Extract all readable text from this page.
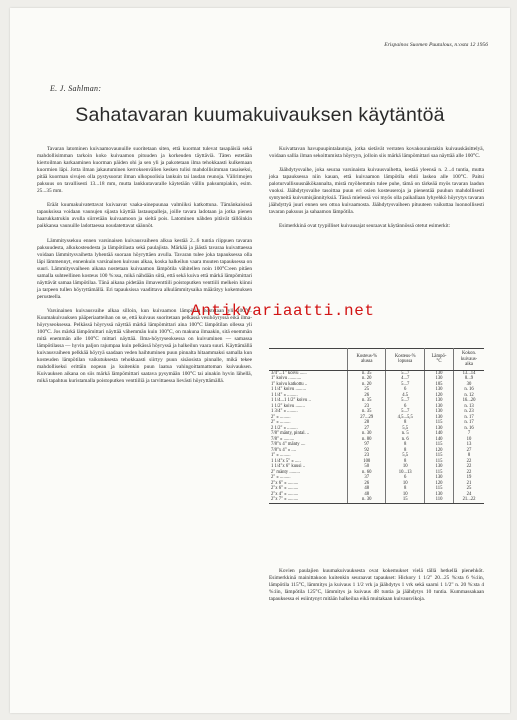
Erispainos Suomen Puutalous, n:osta 12 1956
E. J. Sahlman:
Sahatavaran kuumakuivauksen käytäntöä

Tavaran latominen kuivaamovaunuille suoritetaan siten, että kuormat tulevat tasapäisiä sekä mahdollisimman tarkoin koko kuivaamon pituuden ja korkeuden täyttäviä. Täten estetään kiertoilman karkaaminen kuorman päiden ohi ja sen yli ja pakotetaan ilma tehokkaasti kulkemaan kuormien läpi. Jotta ilman jakautuminen kerroksenvälien kesken tulisi mahdollisimman tasaiseksi, pitää kuorman sivujen olla pystysuorat ilman ulkopuolisia lankuin tai laudan reunoja. Välirimojen paksuus on tavallisesti 13...18 mm, mutta lankkutavaralle käytetään vällin paksumpiakin, esim. 25...35 mm.

Eräät kuumakuivatettavat kuivaavat vaaka-ainepuunaa valmiiksi katkottuna. Tämänkaisissä tapauksissa voidaan vaunujen sijasta käyttää lastauspalleja, joille tavara ladotaan ja jotka pienen haarukkatrukin avulla siirretään kuivaamoon ja sieltä pois. Latominen nähden pitävät tällöinkin paikkansa vaunuille ladottaessa noudatettavat säännöt.

Lämmityssekuu ennen varsinaisen kuivausvaiheen alkua kestää 2...6 tuntia riippuen tavaran paksuudesta, alkukosteudesta ja lämpötilasta sekä paulajista. Märkää ja jäästä tavaraa kuivattaessa voidaan lämmitysvaihetta lyhentää suoraan höyryttäen avulla. Tavaran tulee joka tapauksessa olla läpi lämmennyt, ennenkuin varsinainen kuivaus alkaa, koska halkeilun vaara muuten tapauksessa on suuri. Lämmitysvaiheen aikana nostetaan kuivaamon lämpötila vähitellen noin 100°C:een pitäen samalla suhteellinen kosteus 100 %:ssa, mikä nähdään siitä, että sekä kuiva että märkä lämpömittari näyttävät samaa lämpötilaa. Tänä aikana pidetään ilmaventtiili poistoputken venttiili melkein kiinni ja tarpeen tullen höyryttämällä. Eri tapauksissa vaadittava alkulämmitysaika määrätyy kokemuksen perusteella.

Varsinainen kuivausvaihe alkaa silloin, kun kuivaamon lämpötila nostetaan yli 100°C. Kuumakuivauksen pääperiaatteihan on se, että kuivaus suoritetaan pelkässä vesihöyryssä eikä ilma-höyryseoksessa. Pelkässä höyryssä näyttää märkä lämpömittari aina 100°C lämpötilan ollessa yli 100°C. Jos märkä lämpömittari näyttää vähemmän kuin 100°C, on makuna ilmaakin, sitä enemmän mitä enemmän alle 100°C mittari näyttää. Ilma-höyryseoksessa on kuivuminen — samassa lämpötilassa — hyvin paljon rajumpaa kuin pelkässä höyryssä ja halkeilun vaara suuri. Käyttämällä kuivausvaiheen pelkkää höyryä saadaan veden haihtuminen puun pinnalta hitaammaksi samalla kun kosteuden lämpötilan vaikutuksesta tehokkaasti siirtyy puun sisäosista pinnalle, mikä tekee mahdolliseksi erittäin nopean ja kuitenkin puun laatua vahingoittamattoman kuivauksen. Kuivauksen aikana on siis märkä lämpömittari saatava pysymään 100°C tai ainakin hyvin lähellä, mikä tapahtuu kuristamalla poistoputken venttiiliä ja tarvittaessa lievästi höyryttämällä.

Kuivattavan havupuupintalautoja, jotka sietävät verraten kovakouraistakin kuivauskäsittelyä, voidaan sallia ilman sekoittumista höyryyn, jolloin siis märkä lämpömittari saa näyttää alle 100°C.

Jäähdytysvaihe, joka seuraa varsinaista kuivausvaihetta, kestää yleensä n. 2...4 tuntia, mutta joka tapauksessa niin kauan, että kuivaamon lämpötila ehtii laskea alle 100°C. Paitsi paloturvallisuusnäkökannalta, mistä myöhemmin tulee puhe, tämä on tärkeää myös tavaran laadun vuoksi. Jäähdytysvaihe tasoittaa puun eri osien kosteuseroja ja pienentää puuhun mahdollisesti syntyneitä kuivumisjännityksiä. Tässä mielessä voi myös olla paikallaan lyhyehkö höyrytys tavaran jäähdyttyä juuri ennen sen ottoa kuivaamosta. Jäähdytysvaiheen pituuteen vaikuttaa luonnollisesti tavaran paksuus ja sahaamon lämpötila.

Esimerkkinä ovat tyypilliset kuivausajat seuraavat käytännössä otetut esimerkit:

Antikvariaatti.net
	Kosteus-%
alussa	Kosteus-%
lopussa	Lämpö-
°C	Kokon.
kuivaus-
aika
3/4"...1" koivu ......	n. 35	5...7	130	13...14
1" koivu ...........	n. 20	4...7	130	8...9
1" koivu katkottu ..	n. 20	5...7	105	30
1 1/4" koivu .........	25	6	130	n. 16
1 1/4" » .........	26	4.5	120	n. 12
1 1/4...1 1/2" koivu ..	n. 35	5...7	130	16...20
1 1/2" koivu ........	23	6	130	n. 13
1 3/4" » .........	n. 35	5...7	130	n. 23
2" » .........	27...29	4,5...5,5	130	n. 17
2" » .........	28	8	115	n. 17
2 1/2" » .........	27	5,5	130	n. 16
7/8" mänty, pintal. ..	n. 30	n. 5	140	7
7/8" » .........	n. 80	n. 6	140	10
7/8"x 4" mänty ....	97	8	115	13
7/8"x 4" » ....	92	8	120	27
1" » .........	23	5,5	115	8
1 1/4"x 5" » .....	100	8	115	22
1 1/4"x 6" kuusi ..	50	10	130	22
2" mänty .........	n. 60	10...13	115	22
2" » .........	37	6	130	19
2"x 6" » .........	26	10	120	21
2"x 6" » .........	48	8	115	25
2"x 4" » .........	48	10	130	24
2"x 7" » .........	n. 30	15	110	21...22

Kovien paulajien kuumakuivauksesta ovat kokemukset vielä tällä hetkellä pienehköt. Esimerkkinä mainittakoon kuitenkin seuraavat tapaukset: Hickory 1 1/2" 20...25 %:sta 6 %:iin, lämpötila 115°C, lämmitys ja kuivaus 1 1/2 vrk ja jäähdytys 1 vrk sekä saarni 1 1/2" n. 20 %:sta 4 %:iin, lämpötila 125°C, lämmitys ja kuivaus 48 tuntia ja jäähdytys 10 tuntia. Kummassakaan tapauksessa ei esiintynyt mitään halkeilua eikä muitakaan kuivausvikoja.
